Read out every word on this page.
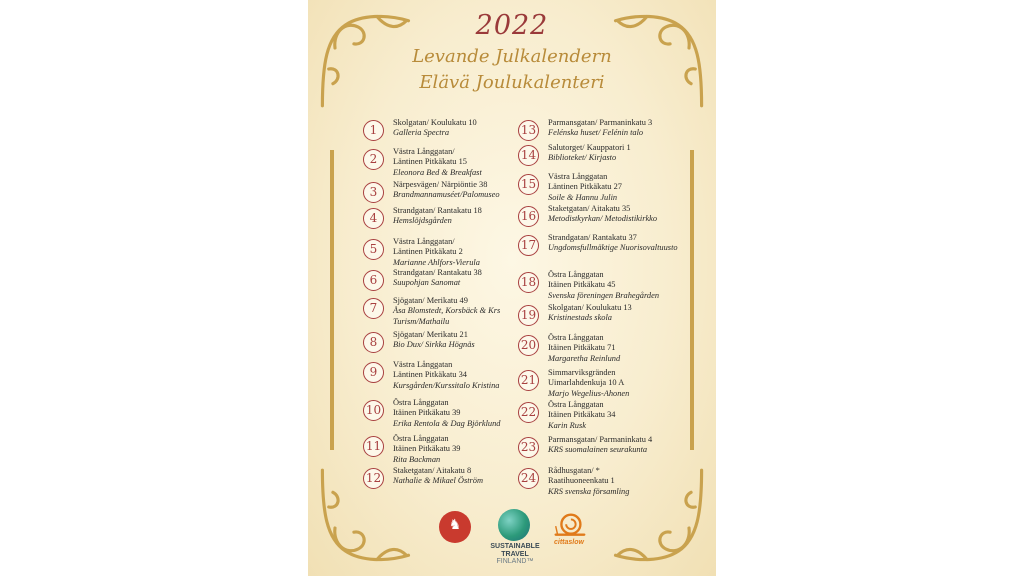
2022
Levande Julkalendern
Elävä Joulukalenteri
1
Skolgatan/ Koulukatu 10
Galleria Spectra
2
Västra Långgatan/
Läntinen Pitkäkatu 15
Eleonora Bed & Breakfast
3
Närpesvägen/ Närpiöntie 38
Brandmannamuséet/Palomuseo
4
Strandgatan/ Rantakatu 18
Hemslöjdsgården
5
Västra Långgatan/
Läntinen Pitkäkatu 2
Marianne Ahlfors-Vierula
6
Strandgatan/ Rantakatu 38
Suupohjan Sanomat
7
Sjögatan/ Merikatu 49
Åsa Blomstedt, Korsbäck & Krs Turism/Mathailu
8
Sjögatan/ Merikatu 21
Bio Dux/ Sirkka Högnäs
9
Västra Långgatan
Läntinen Pitkäkatu 34
Kursgården/Kurssitalo Kristina
10
Östra Långgatan
Itäinen Pitkäkatu 39
Erika Rentola & Dag Björklund
11
Östra Långgatan
Itäinen Pitkäkatu 39
Rita Backman
12
Staketgatan/ Aitakatu 8
Nathalie & Mikael Öström
13
Parmansgatan/ Parmaninkatu 3
Felénska huset/ Felénin talo
14
Salutorget/ Kauppatori 1
Biblioteket/ Kirjasto
15
Västra Långgatan
Läntinen Pitkäkatu 27
Soile & Hannu Julin
16
Staketgatan/ Aitakatu 35
Metodistkyrkan/ Metodistikirkko
17
Strandgatan/ Rantakatu 37
Ungdomsfullmäktige Nuorisovaltuusto
18
Östra Långgatan
Itäinen Pitkäkatu 45
Svenska föreningen Brahegården
19
Skolgatan/ Koulukatu 13
Kristinestads skola
20
Östra Långgatan
Itäinen Pitkäkatu 71
Margaretha Reinlund
21
Simmarviksgränden
Uimarlahdenkuja 10 A
Marjo Wegelius-Ahonen
22
Östra Långgatan
Itäinen Pitkäkatu 34
Karin Rusk
23
Parmansgatan/ Parmaninkatu 4
KRS suomalainen seurakunta
24
Rådhusgatan/ *
Raatihuoneenkatu 1
KRS svenska församling
♞
SUSTAINABLE
TRAVEL
FINLAND™
cittaslow
